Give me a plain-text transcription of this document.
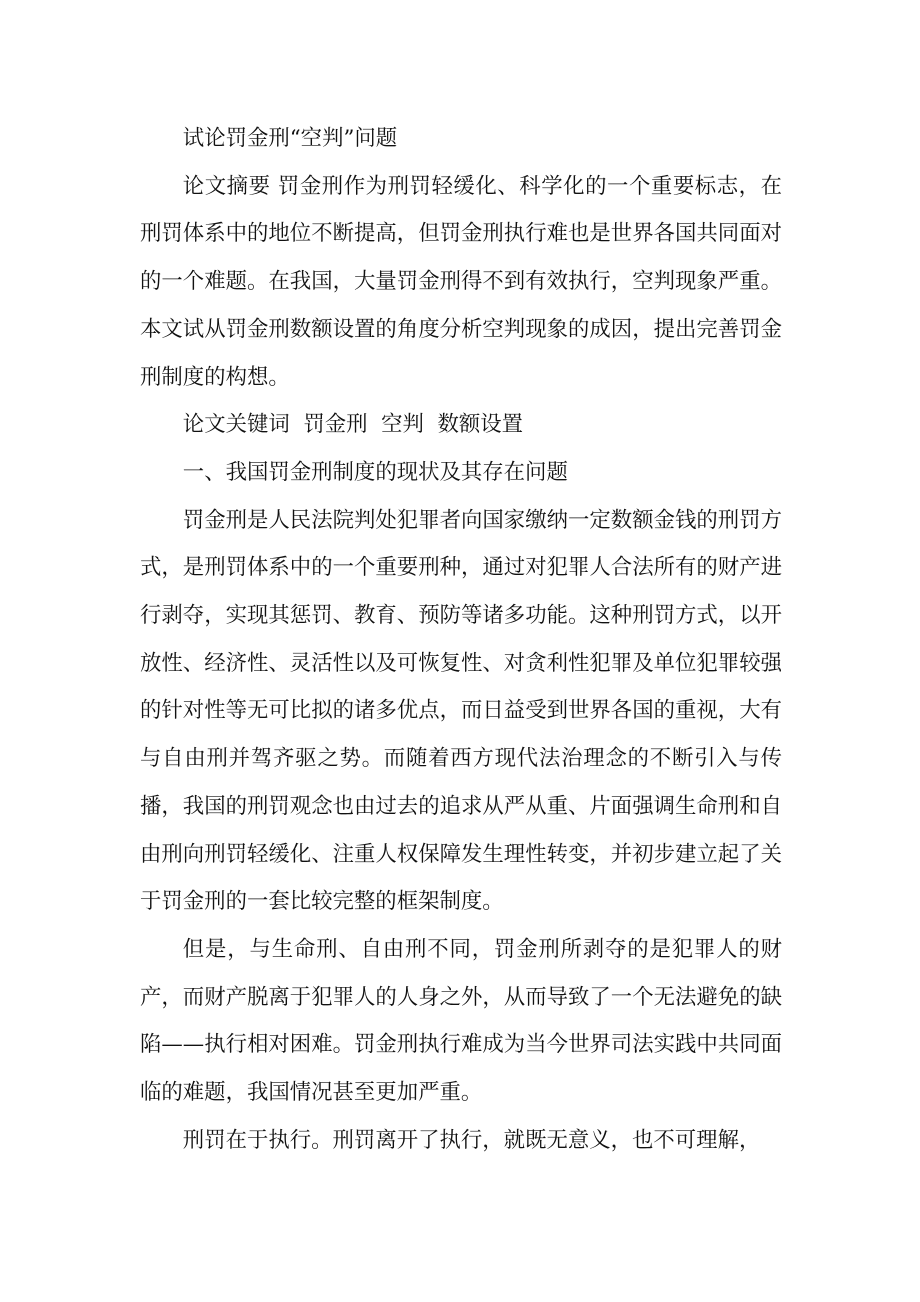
试论罚金刑“空判”问题

论文摘要 罚金刑作为刑罚轻缓化、科学化的一个重要标志，在刑罚体系中的地位不断提高，但罚金刑执行难也是世界各国共同面对的一个难题。在我国，大量罚金刑得不到有效执行，空判现象严重。本文试从罚金刑数额设置的角度分析空判现象的成因，提出完善罚金刑制度的构想。

论文关键词  罚金刑  空判  数额设置

一、我国罚金刑制度的现状及其存在问题

罚金刑是人民法院判处犯罪者向国家缴纳一定数额金钱的刑罚方式，是刑罚体系中的一个重要刑种，通过对犯罪人合法所有的财产进行剥夺，实现其惩罚、教育、预防等诸多功能。这种刑罚方式，以开放性、经济性、灵活性以及可恢复性、对贪利性犯罪及单位犯罪较强的针对性等无可比拟的诸多优点，而日益受到世界各国的重视，大有与自由刑并驾齐驱之势。而随着西方现代法治理念的不断引入与传播，我国的刑罚观念也由过去的追求从严从重、片面强调生命刑和自由刑向刑罚轻缓化、注重人权保障发生理性转变，并初步建立起了关于罚金刑的一套比较完整的框架制度。

但是，与生命刑、自由刑不同，罚金刑所剥夺的是犯罪人的财产，而财产脱离于犯罪人的人身之外，从而导致了一个无法避免的缺陷——执行相对困难。罚金刑执行难成为当今世界司法实践中共同面临的难题，我国情况甚至更加严重。

刑罚在于执行。刑罚离开了执行，就既无意义，也不可理解，
